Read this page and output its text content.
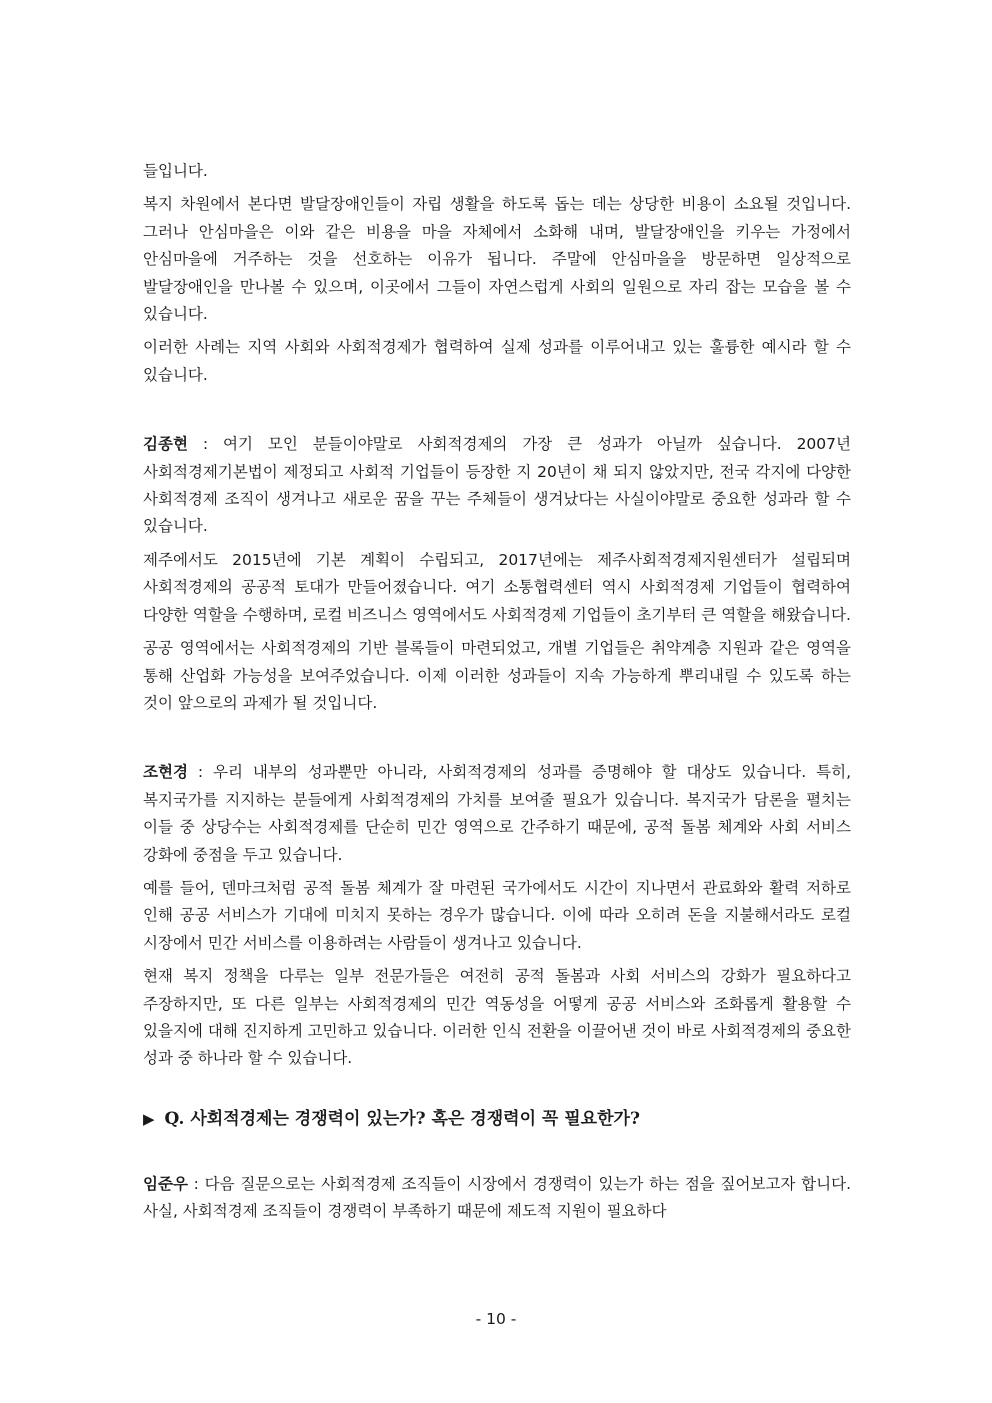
들입니다.

복지 차원에서 본다면 발달장애인들이 자립 생활을 하도록 돕는 데는 상당한 비용이 소요될 것입니다. 그러나 안심마을은 이와 같은 비용을 마을 자체에서 소화해 내며, 발달장애인을 키우는 가정에서 안심마을에 거주하는 것을 선호하는 이유가 됩니다. 주말에 안심마을을 방문하면 일상적으로 발달장애인을 만나볼 수 있으며, 이곳에서 그들이 자연스럽게 사회의 일원으로 자리 잡는 모습을 볼 수 있습니다.

이러한 사례는 지역 사회와 사회적경제가 협력하여 실제 성과를 이루어내고 있는 훌륭한 예시라 할 수 있습니다.

김종현 : 여기 모인 분들이야말로 사회적경제의 가장 큰 성과가 아닐까 싶습니다. 2007년 사회적경제기본법이 제정되고 사회적 기업들이 등장한 지 20년이 채 되지 않았지만, 전국 각지에 다양한 사회적경제 조직이 생겨나고 새로운 꿈을 꾸는 주체들이 생겨났다는 사실이야말로 중요한 성과라 할 수 있습니다.

제주에서도 2015년에 기본 계획이 수립되고, 2017년에는 제주사회적경제지원센터가 설립되며 사회적경제의 공공적 토대가 만들어졌습니다. 여기 소통협력센터 역시 사회적경제 기업들이 협력하여 다양한 역할을 수행하며, 로컬 비즈니스 영역에서도 사회적경제 기업들이 초기부터 큰 역할을 해왔습니다.

공공 영역에서는 사회적경제의 기반 블록들이 마련되었고, 개별 기업들은 취약계층 지원과 같은 영역을 통해 산업화 가능성을 보여주었습니다. 이제 이러한 성과들이 지속 가능하게 뿌리내릴 수 있도록 하는 것이 앞으로의 과제가 될 것입니다.

조현경 : 우리 내부의 성과뿐만 아니라, 사회적경제의 성과를 증명해야 할 대상도 있습니다. 특히, 복지국가를 지지하는 분들에게 사회적경제의 가치를 보여줄 필요가 있습니다. 복지국가 담론을 펼치는 이들 중 상당수는 사회적경제를 단순히 민간 영역으로 간주하기 때문에, 공적 돌봄 체계와 사회 서비스 강화에 중점을 두고 있습니다.

예를 들어, 덴마크처럼 공적 돌봄 체계가 잘 마련된 국가에서도 시간이 지나면서 관료화와 활력 저하로 인해 공공 서비스가 기대에 미치지 못하는 경우가 많습니다. 이에 따라 오히려 돈을 지불해서라도 로컬 시장에서 민간 서비스를 이용하려는 사람들이 생겨나고 있습니다.

현재 복지 정책을 다루는 일부 전문가들은 여전히 공적 돌봄과 사회 서비스의 강화가 필요하다고 주장하지만, 또 다른 일부는 사회적경제의 민간 역동성을 어떻게 공공 서비스와 조화롭게 활용할 수 있을지에 대해 진지하게 고민하고 있습니다. 이러한 인식 전환을 이끌어낸 것이 바로 사회적경제의 중요한 성과 중 하나라 할 수 있습니다.

▶ Q. 사회적경제는 경쟁력이 있는가? 혹은 경쟁력이 꼭 필요한가?

임준우 : 다음 질문으로는 사회적경제 조직들이 시장에서 경쟁력이 있는가 하는 점을 짚어보고자 합니다. 사실, 사회적경제 조직들이 경쟁력이 부족하기 때문에 제도적 지원이 필요하다

- 10 -
